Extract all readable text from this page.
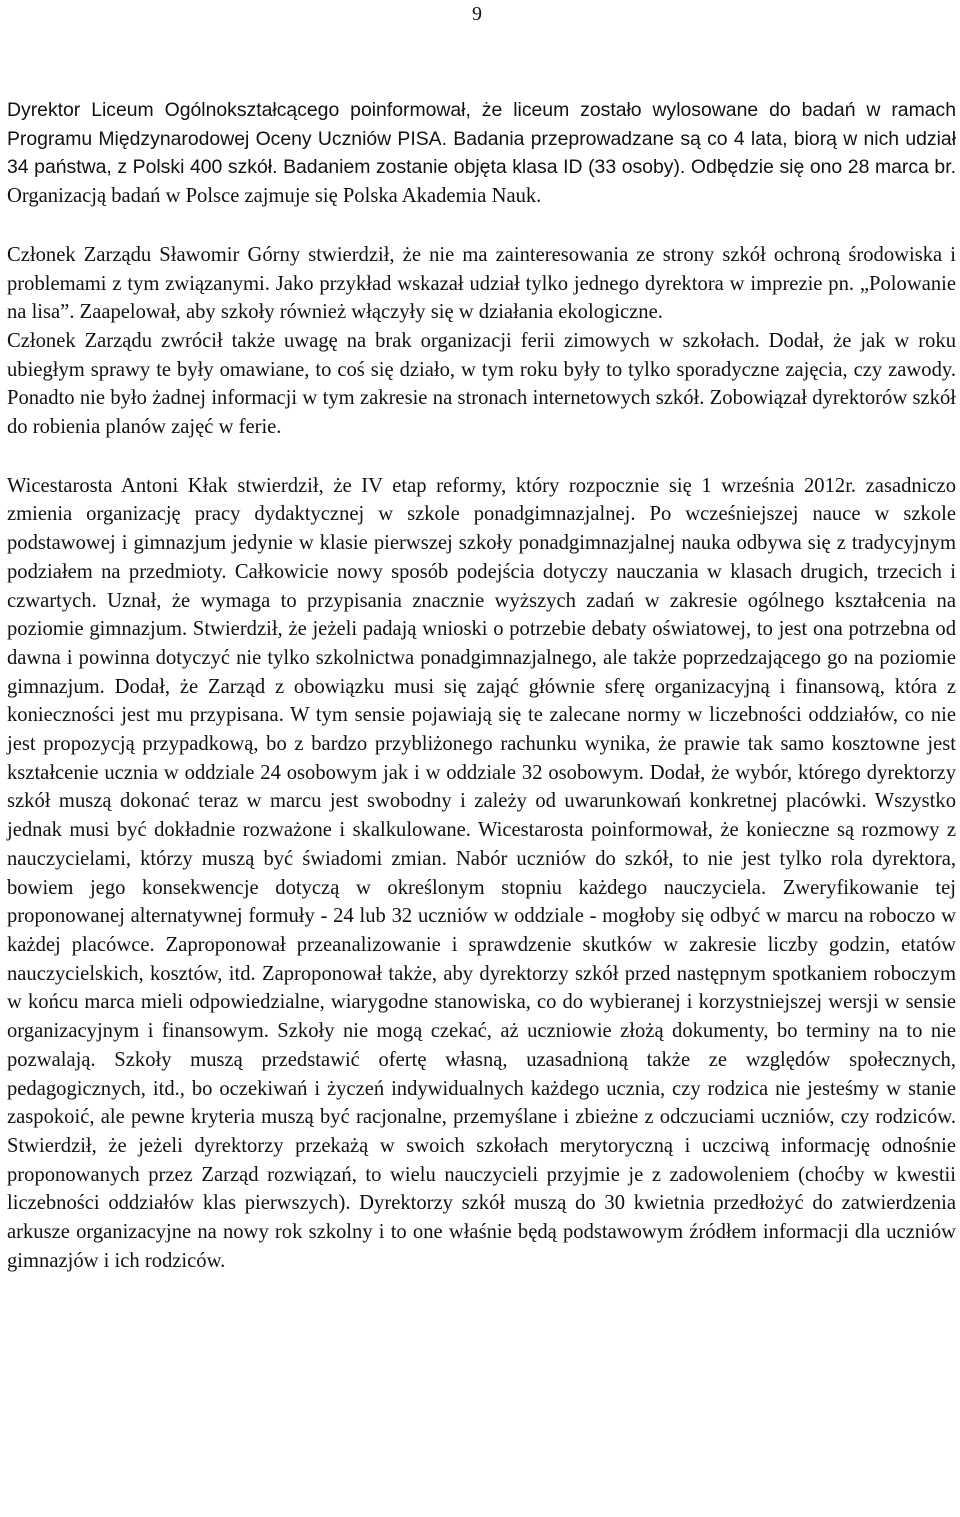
9

Dyrektor Liceum Ogólnokształcącego poinformował, że liceum zostało wylosowane do badań w ramach Programu Międzynarodowej Oceny Uczniów PISA. Badania przeprowadzane są co 4 lata, biorą w nich udział 34 państwa, z Polski 400 szkół. Badaniem zostanie objęta klasa ID (33 osoby). Odbędzie się ono 28 marca br. Organizacją badań w Polsce zajmuje się Polska Akademia Nauk.

Członek Zarządu Sławomir Górny stwierdził, że nie ma zainteresowania ze strony szkół ochroną środowiska i problemami z tym związanymi. Jako przykład wskazał udział tylko jednego dyrektora w imprezie pn. „Polowanie na lisa”. Zaapelował, aby szkoły również włączyły się w działania ekologiczne.

Członek Zarządu zwrócił także uwagę na brak organizacji ferii zimowych w szkołach. Dodał, że jak w roku ubiegłym sprawy te były omawiane, to coś się działo, w tym roku były to tylko sporadyczne zajęcia, czy zawody. Ponadto nie było żadnej informacji w tym zakresie na stronach internetowych szkół. Zobowiązał dyrektorów szkół do robienia planów zajęć w ferie.

Wicestarosta Antoni Kłak stwierdził, że IV etap reformy, który rozpocznie się 1 września 2012r. zasadniczo zmienia organizację pracy dydaktycznej w szkole ponadgimnazjalnej. Po wcześniejszej nauce w szkole podstawowej i gimnazjum jedynie w klasie pierwszej szkoły ponadgimnazjalnej nauka odbywa się z tradycyjnym podziałem na przedmioty. Całkowicie nowy sposób podejścia dotyczy nauczania w klasach drugich, trzecich i czwartych. Uznał, że wymaga to przypisania znacznie wyższych zadań w zakresie ogólnego kształcenia na poziomie gimnazjum. Stwierdził, że jeżeli padają wnioski o potrzebie debaty oświatowej, to jest ona potrzebna od dawna i powinna dotyczyć nie tylko szkolnictwa ponadgimnazjalnego, ale także poprzedzającego go na poziomie gimnazjum. Dodał, że Zarząd z obowiązku musi się zająć głównie sferę organizacyjną i finansową, która z konieczności jest mu przypisana. W tym sensie pojawiają się te zalecane normy w liczebności oddziałów, co nie jest propozycją przypadkową, bo z bardzo przybliżonego rachunku wynika, że prawie tak samo kosztowne jest kształcenie ucznia w oddziale 24 osobowym jak i w oddziale 32 osobowym. Dodał, że wybór, którego dyrektorzy szkół muszą dokonać teraz w marcu jest swobodny i zależy od uwarunkowań konkretnej placówki. Wszystko jednak musi być dokładnie rozważone i skalkulowane. Wicestarosta poinformował, że konieczne są rozmowy z nauczycielami, którzy muszą być świadomi zmian. Nabór uczniów do szkół, to nie jest tylko rola dyrektora, bowiem jego konsekwencje dotyczą w określonym stopniu każdego nauczyciela. Zweryfikowanie tej proponowanej alternatywnej formuły - 24 lub 32 uczniów w oddziale - mogłoby się odbyć w marcu na roboczo w każdej placówce. Zaproponował przeanalizowanie i sprawdzenie skutków w zakresie liczby godzin, etatów nauczycielskich, kosztów, itd. Zaproponował także, aby dyrektorzy szkół przed następnym spotkaniem roboczym w końcu marca mieli odpowiedzialne, wiarygodne stanowiska, co do wybieranej i korzystniejszej wersji w sensie organizacyjnym i finansowym. Szkoły nie mogą czekać, aż uczniowie złożą dokumenty, bo terminy na to nie pozwalają. Szkoły muszą przedstawić ofertę własną, uzasadnioną także ze względów społecznych, pedagogicznych, itd., bo oczekiwań i życzeń indywidualnych każdego ucznia, czy rodzica nie jesteśmy w stanie zaspokoić, ale pewne kryteria muszą być racjonalne, przemyślane i zbieżne z odczuciami uczniów, czy rodziców. Stwierdził, że jeżeli dyrektorzy przekażą w swoich szkołach merytoryczną i uczciwą informację odnośnie proponowanych przez Zarząd rozwiązań, to wielu nauczycieli przyjmie je z zadowoleniem (choćby w kwestii liczebności oddziałów klas pierwszych). Dyrektorzy szkół muszą do 30 kwietnia przedłożyć do zatwierdzenia arkusze organizacyjne na nowy rok szkolny i to one właśnie będą podstawowym źródłem informacji dla uczniów gimnazjów i ich rodziców.
